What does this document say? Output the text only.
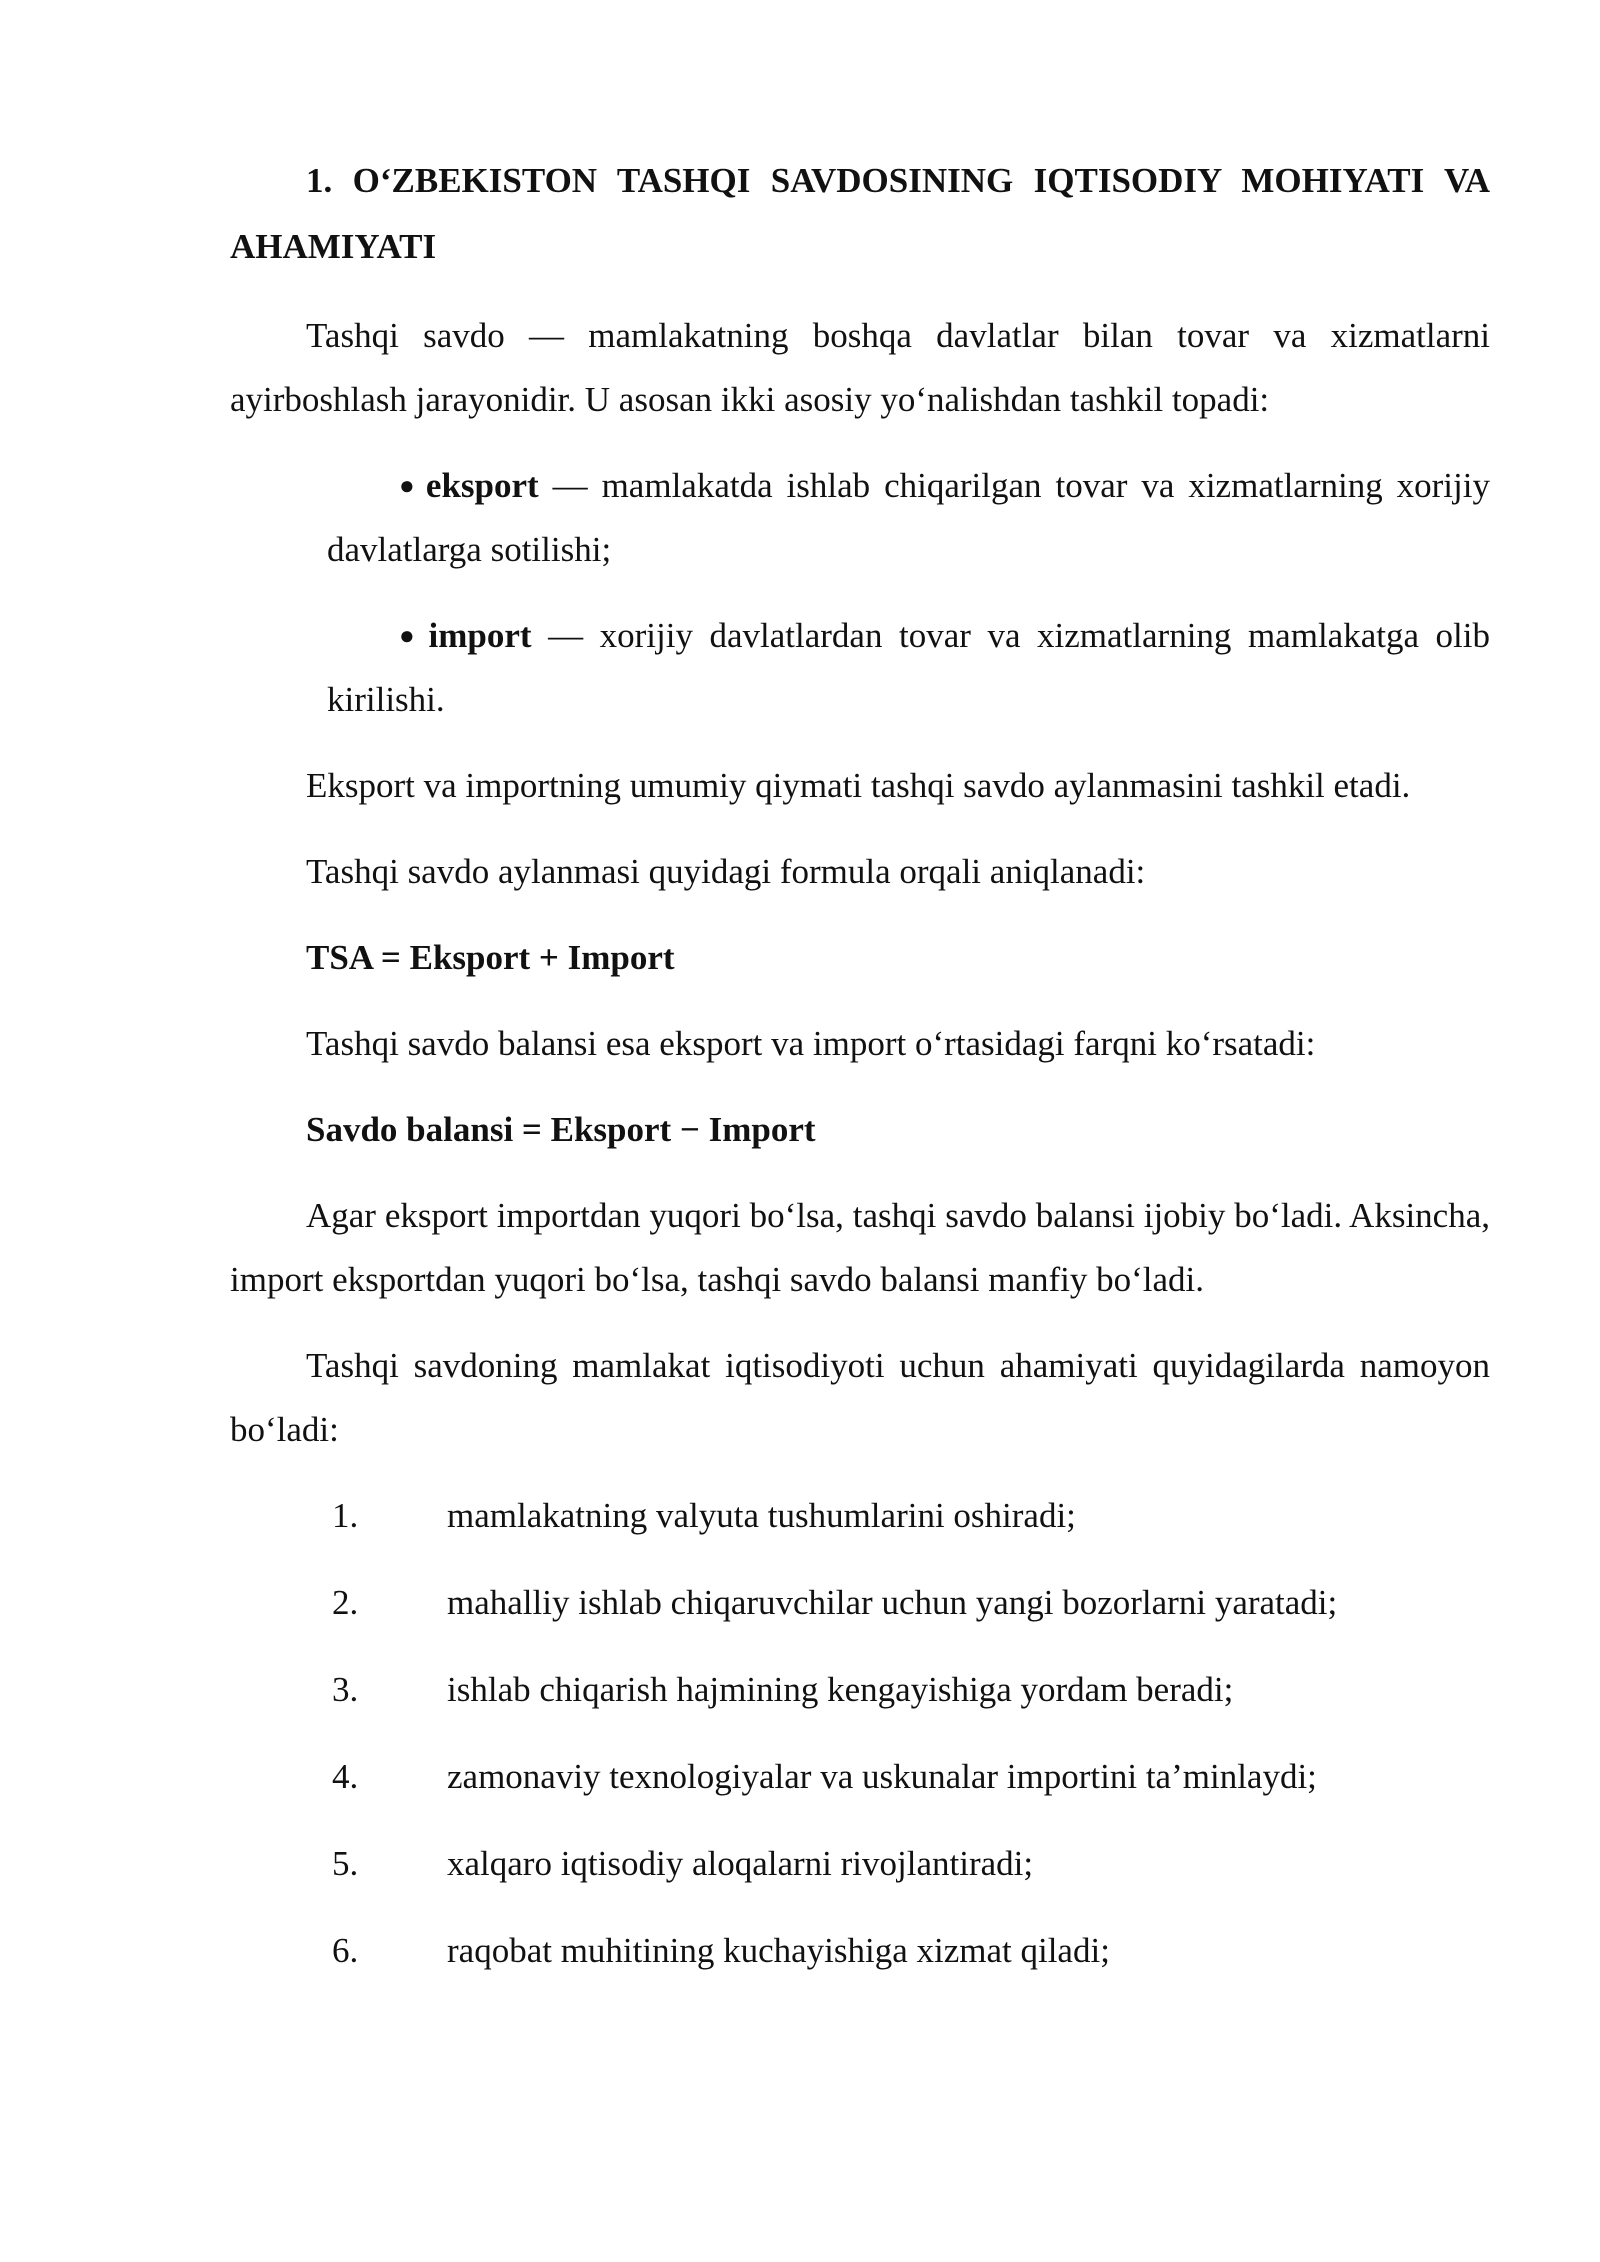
1. O‘ZBEKISTON TASHQI SAVDOSINING IQTISODIY MOHIYATI VA AHAMIYATI

Tashqi savdo — mamlakatning boshqa davlatlar bilan tovar va xizmatlarni ayirboshlash jarayonidir. U asosan ikki asosiy yo‘nalishdan tashkil topadi:

● eksport — mamlakatda ishlab chiqarilgan tovar va xizmatlarning xorijiy davlatlarga sotilishi;
● import — xorijiy davlatlardan tovar va xizmatlarning mamlakatga olib kirilishi.

Eksport va importning umumiy qiymati tashqi savdo aylanmasini tashkil etadi.

Tashqi savdo aylanmasi quyidagi formula orqali aniqlanadi:

TSA = Eksport + Import

Tashqi savdo balansi esa eksport va import o‘rtasidagi farqni ko‘rsatadi:

Savdo balansi = Eksport − Import

Agar eksport importdan yuqori bo‘lsa, tashqi savdo balansi ijobiy bo‘ladi. Aksincha, import eksportdan yuqori bo‘lsa, tashqi savdo balansi manfiy bo‘ladi.

Tashqi savdoning mamlakat iqtisodiyoti uchun ahamiyati quyidagilarda namoyon bo‘ladi:

1.	mamlakatning valyuta tushumlarini oshiradi;
2.	mahalliy ishlab chiqaruvchilar uchun yangi bozorlarni yaratadi;
3.	ishlab chiqarish hajmining kengayishiga yordam beradi;
4.	zamonaviy texnologiyalar va uskunalar importini ta’minlaydi;
5.	xalqaro iqtisodiy aloqalarni rivojlantiradi;
6.	raqobat muhitining kuchayishiga xizmat qiladi;
